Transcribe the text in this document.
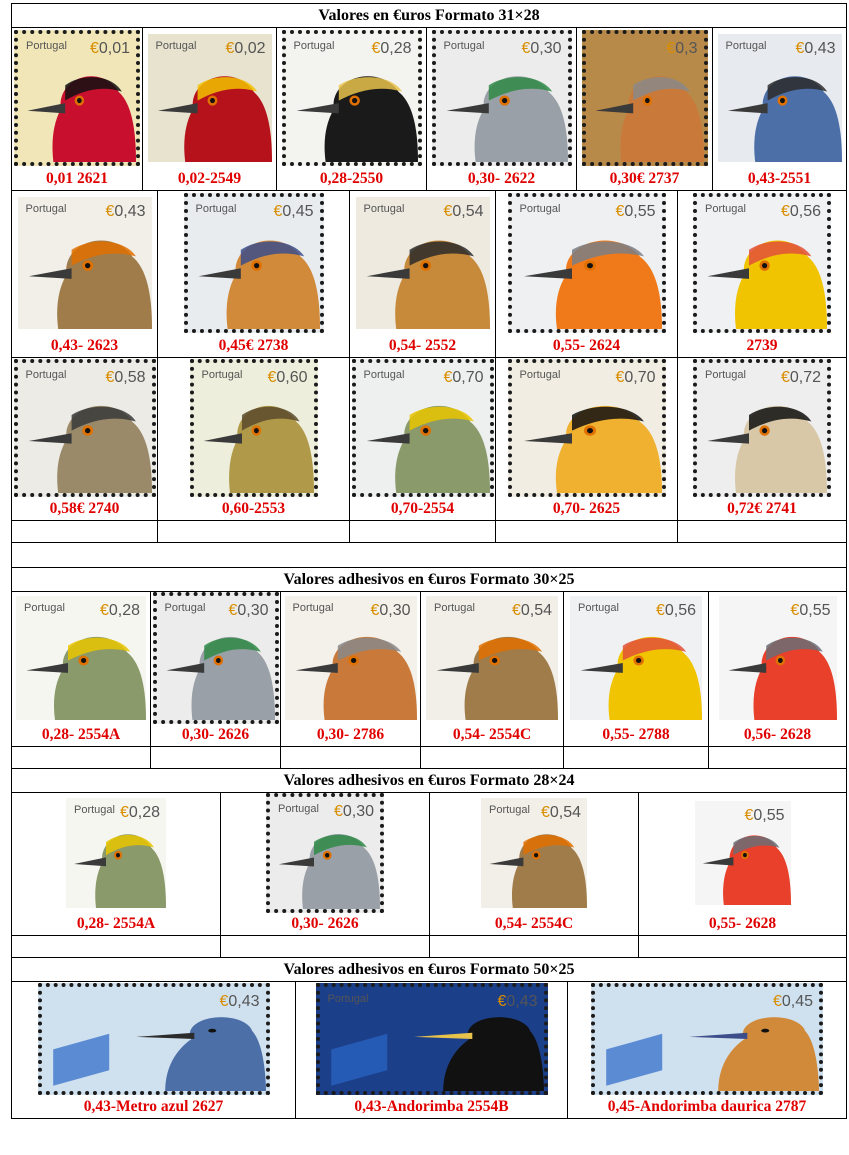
Valores en €uros Formato 31×28					

Portugal €0,01	Portugal €0,02	Portugal €0,28	Portugal €0,30	€0,3	Portugal €0,43

0,01 2621	0,02-2549	0,28-2550	0,30- 2622	0,30€ 2737	0,43-2551
Portugal €0,43	Portugal €0,45	Portugal €0,54	Portugal €0,55	Portugal €0,56

0,43- 2623	0,45€ 2738	0,54- 2552	0,55- 2624	2739

Portugal €0,58	Portugal €0,60	Portugal €0,70	Portugal €0,70	Portugal €0,72

0,58€ 2740	0,60-2553	0,70-2554	0,70- 2625	0,72€ 2741

Valores adhesivos en €uros Formato 30×25					

Portugal €0,28	Portugal €0,30	Portugal €0,30	Portugal €0,54	Portugal €0,56	€0,55

0,28- 2554A	0,30- 2626	0,30- 2786	0,54- 2554C	0,55- 2788	0,56- 2628

Valores adhesivos en €uros Formato 28×24			

Portugal €0,28	Portugal €0,30	Portugal €0,54	€0,55

0,28- 2554A	0,30- 2626	0,54- 2554C	0,55- 2628

Valores adhesivos en €uros Formato 50×25		

€0,43	Portugal €0,43	€0,45

0,43-Metro azul 2627	0,43-Andorimba 2554B	0,45-Andorimba daurica 2787
